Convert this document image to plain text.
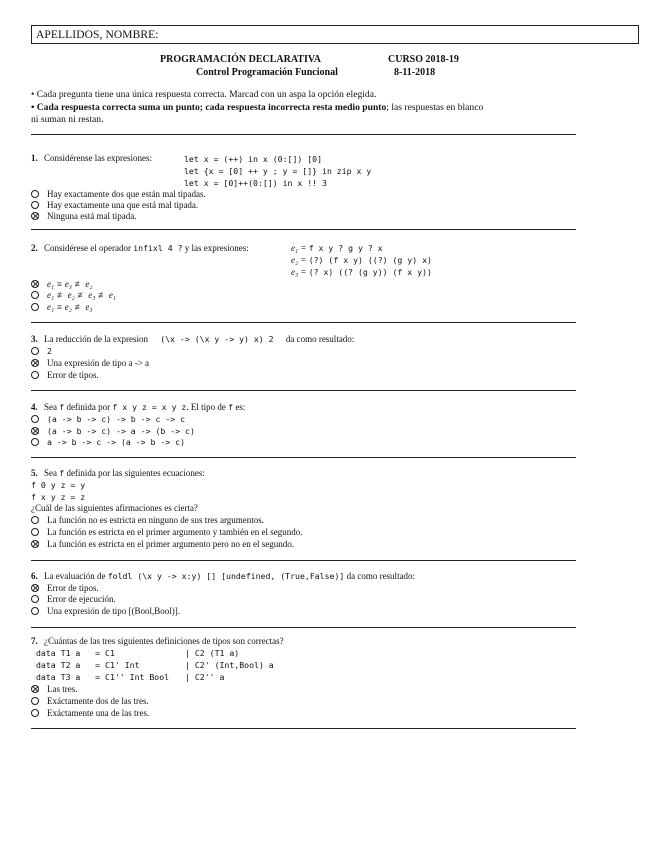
APELLIDOS, NOMBRE:
PROGRAMACIÓN DECLARATIVA	CURSO 2018-19
Control Programación Funcional	8-11-2018
• Cada pregunta tiene una única respuesta correcta. Marcad con un aspa la opción elegida.
• Cada respuesta correcta suma un punto; cada respuesta incorrecta resta medio punto; las respuestas en blanco
ni suman ni restan.
1. Considérense las expresiones:	let x = (++) in x (0:[]) [0]
let {x = [0] ++ y ; y = []} in zip x y
let x = [0]++(0:[]) in x !! 3
Hay exactamente dos que están mal tipadas.
Hay exactamente una que está mal tipada.
Ninguna está mal tipada.
2. Considérese el operador infixl 4 ? y las expresiones:	e₁ = f x y ? g y ? x
e₂ = (?) (f x y) ((?) (g y) x)
e₃ = (? x) ((? (g y)) (f x y))
e₁ ≡ e₃ ≢ e₂
e₁ ≢ e₂ ≢ e₃ ≢ e₁
e₁ ≡ e₂ ≢ e₃
3. La reducción de la expresion (\x -> (\x y -> y) x) 2 da como resultado:
2
Una expresión de tipo a -> a
Error de tipos.
4. Sea f definida por f x y z = x y z. El tipo de f es:
(a -> b -> c) -> b -> c -> c
(a -> b -> c) -> a -> (b -> c)
a -> b -> c -> (a -> b -> c)
5. Sea f definida por las siguientes ecuaciones:
f 0 y z = y
f x y z = z
¿Cuál de las siguientes afirmaciones es cierta?
La función no es estricta en ninguno de sus tres argumentos.
La función es estricta en el primer argumento y también en el segundo.
La función es estricta en el primer argumento pero no en el segundo.
6. La evaluación de foldl (\x y -> x:y) [] [undefined, (True,False)] da como resultado:
Error de tipos.
Error de ejecución.
Una expresión de tipo [(Bool,Bool)].
7. ¿Cuántas de las tres siguientes definiciones de tipos son correctas?
data T1 a   = C1	| C2 (T1 a)
data T2 a   = C1' Int	| C2' (Int,Bool) a
data T3 a   = C1'' Int Bool | C2'' a
Las tres.
Exáctamente dos de las tres.
Exáctamente una de las tres.
